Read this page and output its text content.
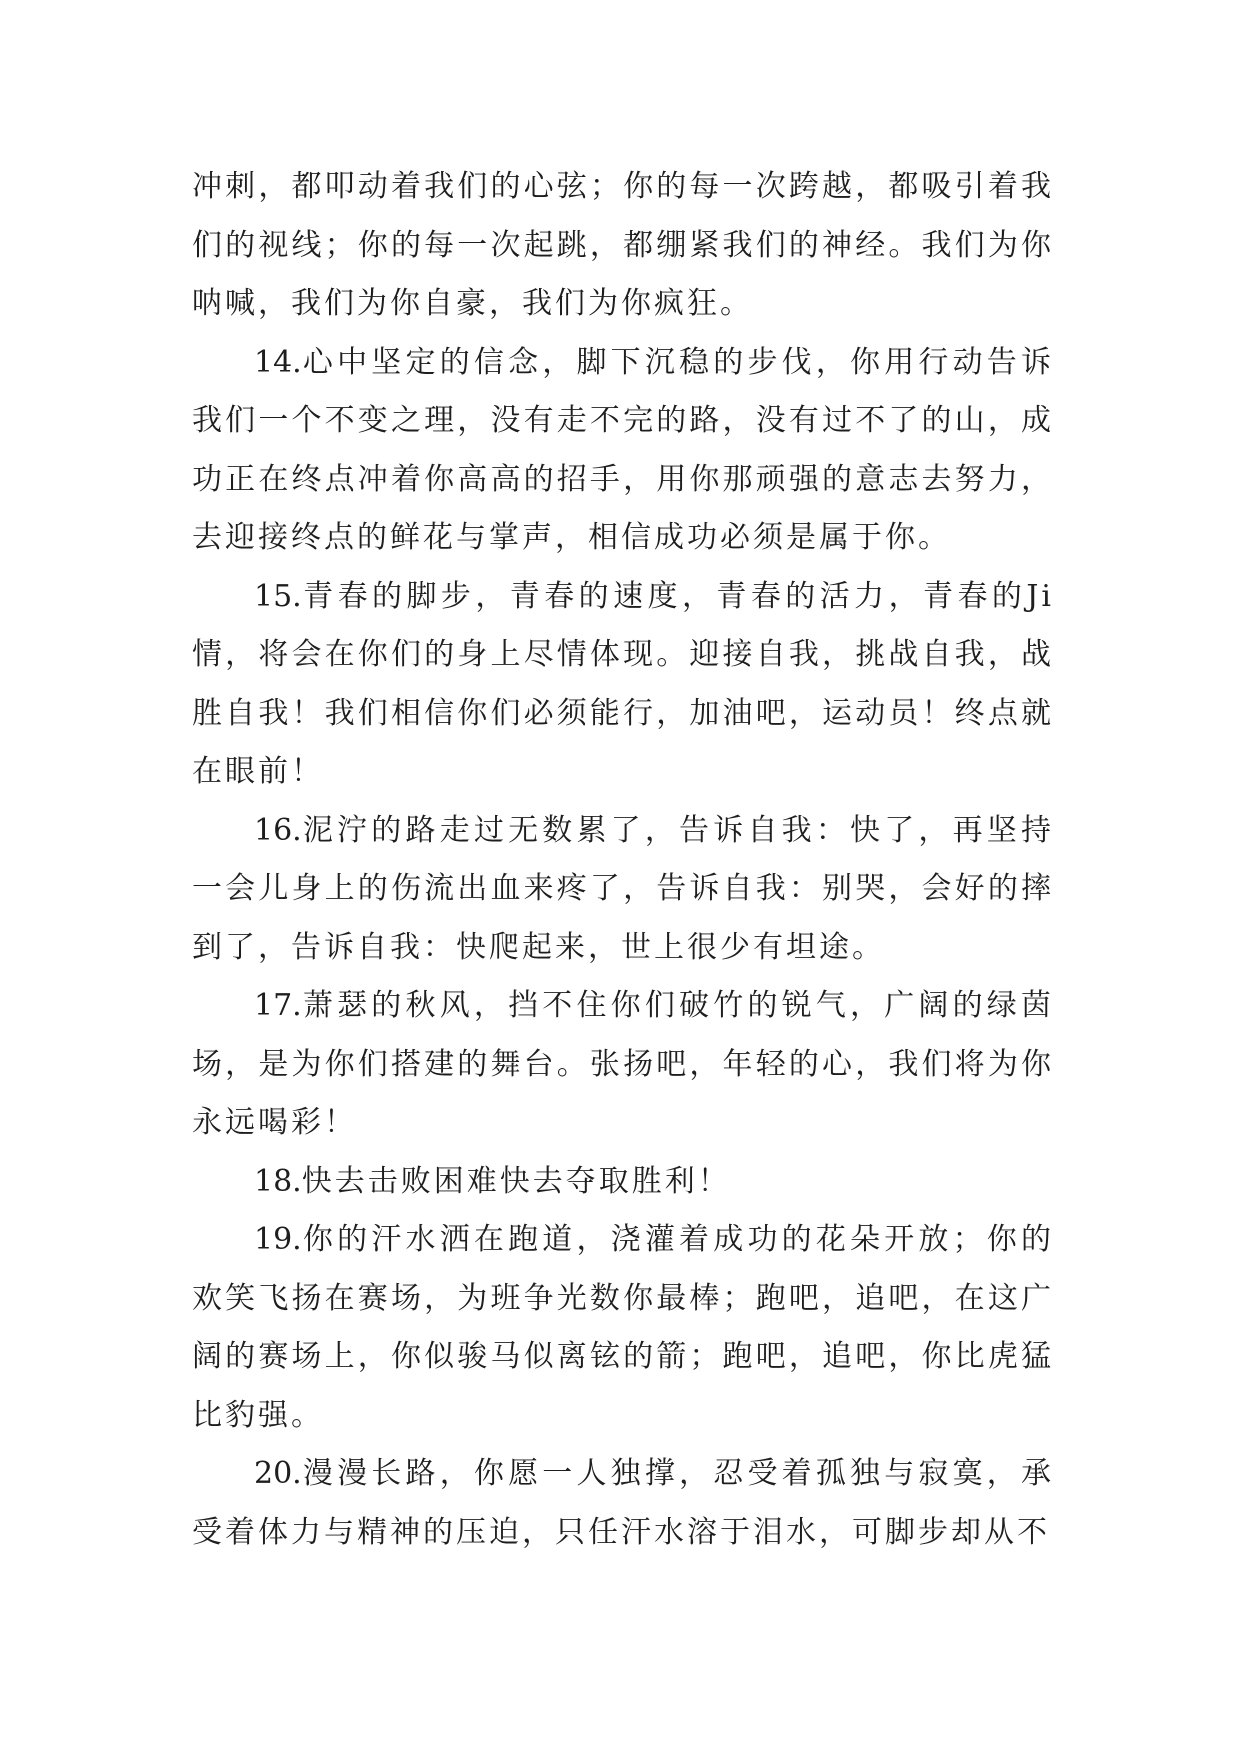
冲刺，都叩动着我们的心弦；你的每一次跨越，都吸引着我们的视线；你的每一次起跳，都绷紧我们的神经。我们为你呐喊，我们为你自豪，我们为你疯狂。

14.心中坚定的信念，脚下沉稳的步伐，你用行动告诉我们一个不变之理，没有走不完的路，没有过不了的山，成功正在终点冲着你高高的招手，用你那顽强的意志去努力，去迎接终点的鲜花与掌声，相信成功必须是属于你。

15.青春的脚步，青春的速度，青春的活力，青春的Ji情，将会在你们的身上尽情体现。迎接自我，挑战自我，战胜自我！我们相信你们必须能行，加油吧，运动员！终点就在眼前！

16.泥泞的路走过无数累了，告诉自我：快了，再坚持一会儿身上的伤流出血来疼了，告诉自我：别哭，会好的摔到了，告诉自我：快爬起来，世上很少有坦途。

17.萧瑟的秋风，挡不住你们破竹的锐气，广阔的绿茵场，是为你们搭建的舞台。张扬吧，年轻的心，我们将为你永远喝彩！

18.快去击败困难快去夺取胜利！

19.你的汗水洒在跑道，浇灌着成功的花朵开放；你的欢笑飞扬在赛场，为班争光数你最棒；跑吧，追吧，在这广阔的赛场上，你似骏马似离铉的箭；跑吧，追吧，你比虎猛比豹强。

20.漫漫长路，你愿一人独撑，忍受着孤独与寂寞，承受着体力与精神的压迫，只任汗水溶于泪水，可脚步却从不
